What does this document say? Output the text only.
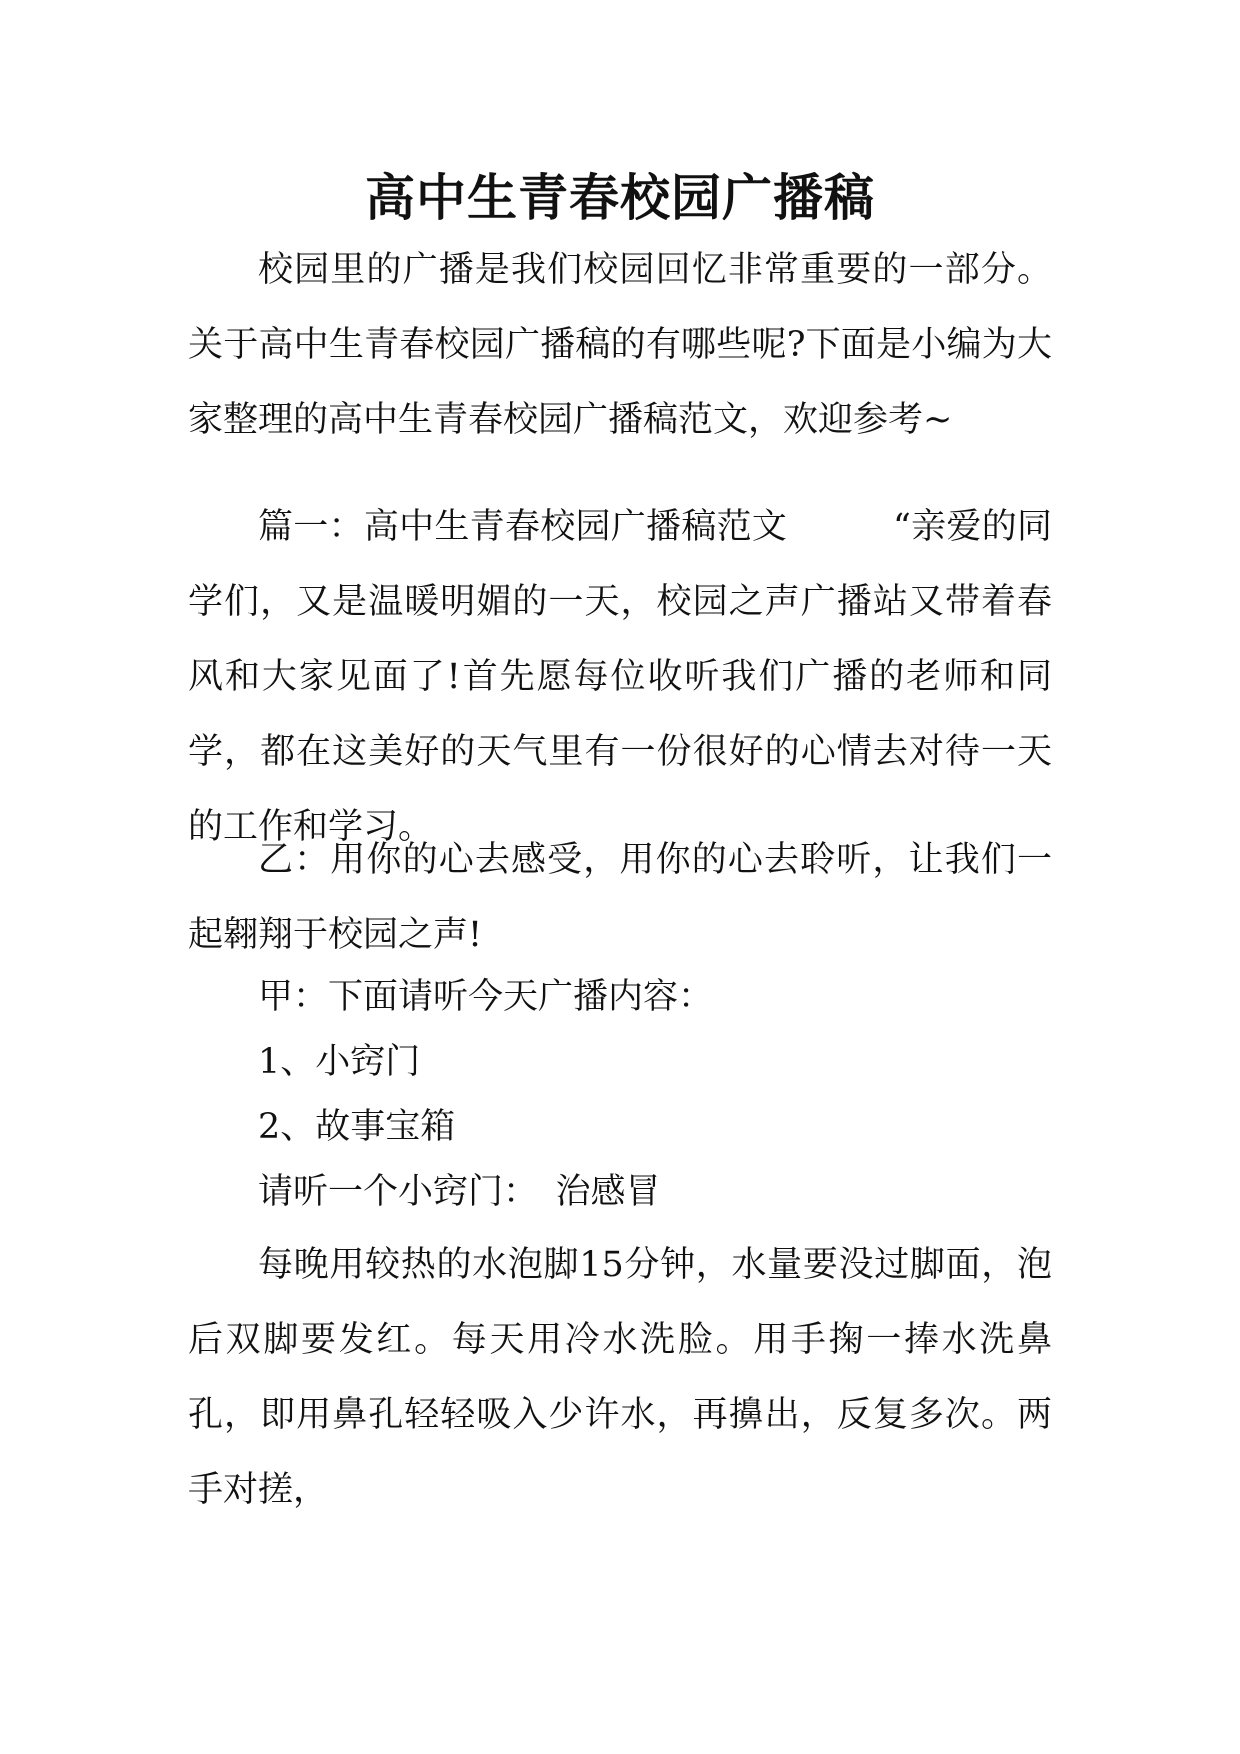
高中生青春校园广播稿

校园里的广播是我们校园回忆非常重要的一部分。关于高中生青春校园广播稿的有哪些呢?下面是小编为大家整理的高中生青春校园广播稿范文，欢迎参考~

篇一：高中生青春校园广播稿范文　　　“亲爱的同学们，又是温暖明媚的一天，校园之声广播站又带着春风和大家见面了!首先愿每位收听我们广播的老师和同学，都在这美好的天气里有一份很好的心情去对待一天的工作和学习。

乙：用你的心去感受，用你的心去聆听，让我们一起翱翔于校园之声!

甲：下面请听今天广播内容：
1、小窍门
2、故事宝箱
请听一个小窍门：　治感冒

每晚用较热的水泡脚15分钟，水量要没过脚面，泡后双脚要发红。每天用冷水洗脸。用手掬一捧水洗鼻孔，即用鼻孔轻轻吸入少许水，再擤出，反复多次。两手对搓，
